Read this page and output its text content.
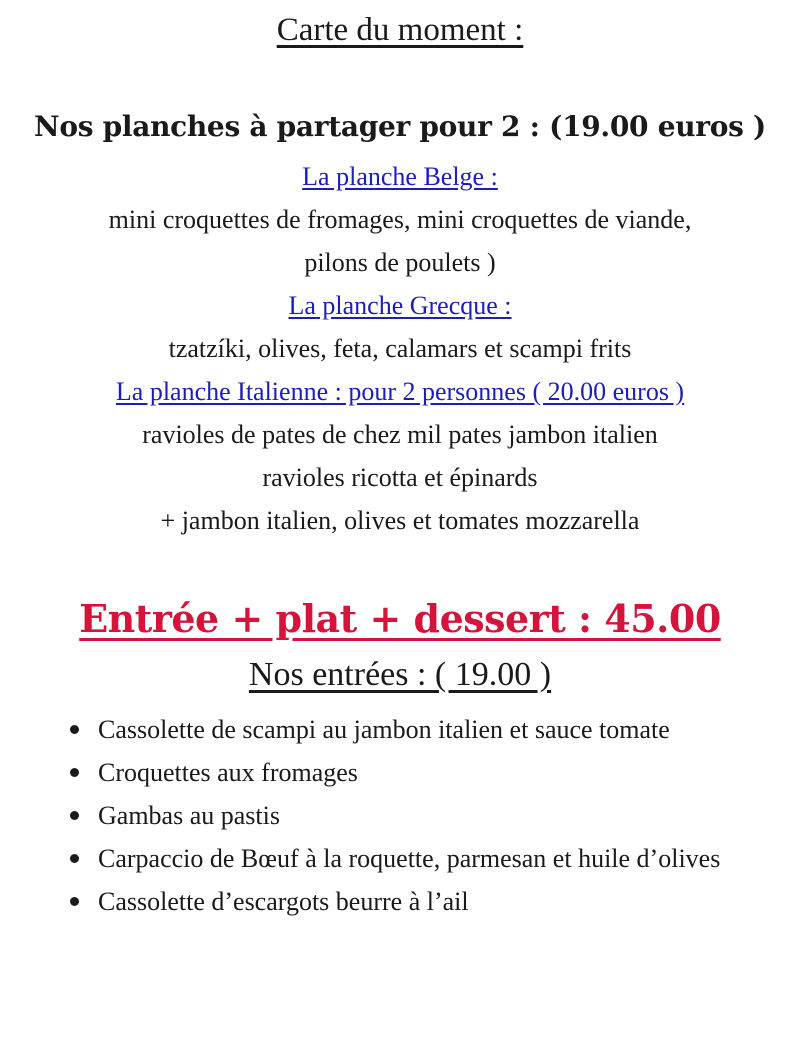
Carte du moment :
Nos planches à partager pour 2 : (19.00 euros )
La planche Belge :
mini croquettes de fromages, mini croquettes de viande,
pilons de poulets )
La planche Grecque :
tzatzíki, olives, feta, calamars et scampi frits
La planche Italienne : pour 2 personnes ( 20.00 euros )
ravioles de pates de chez mil pates jambon italien
ravioles ricotta et épinards
+ jambon italien, olives et tomates mozzarella
Entrée + plat + dessert : 45.00
Nos entrées : ( 19.00 )
Cassolette de scampi au jambon italien et sauce tomate
Croquettes aux fromages
Gambas au pastis
Carpaccio de Bœuf à la roquette, parmesan et huile d’olives
Cassolette d’escargots beurre à l’ail
